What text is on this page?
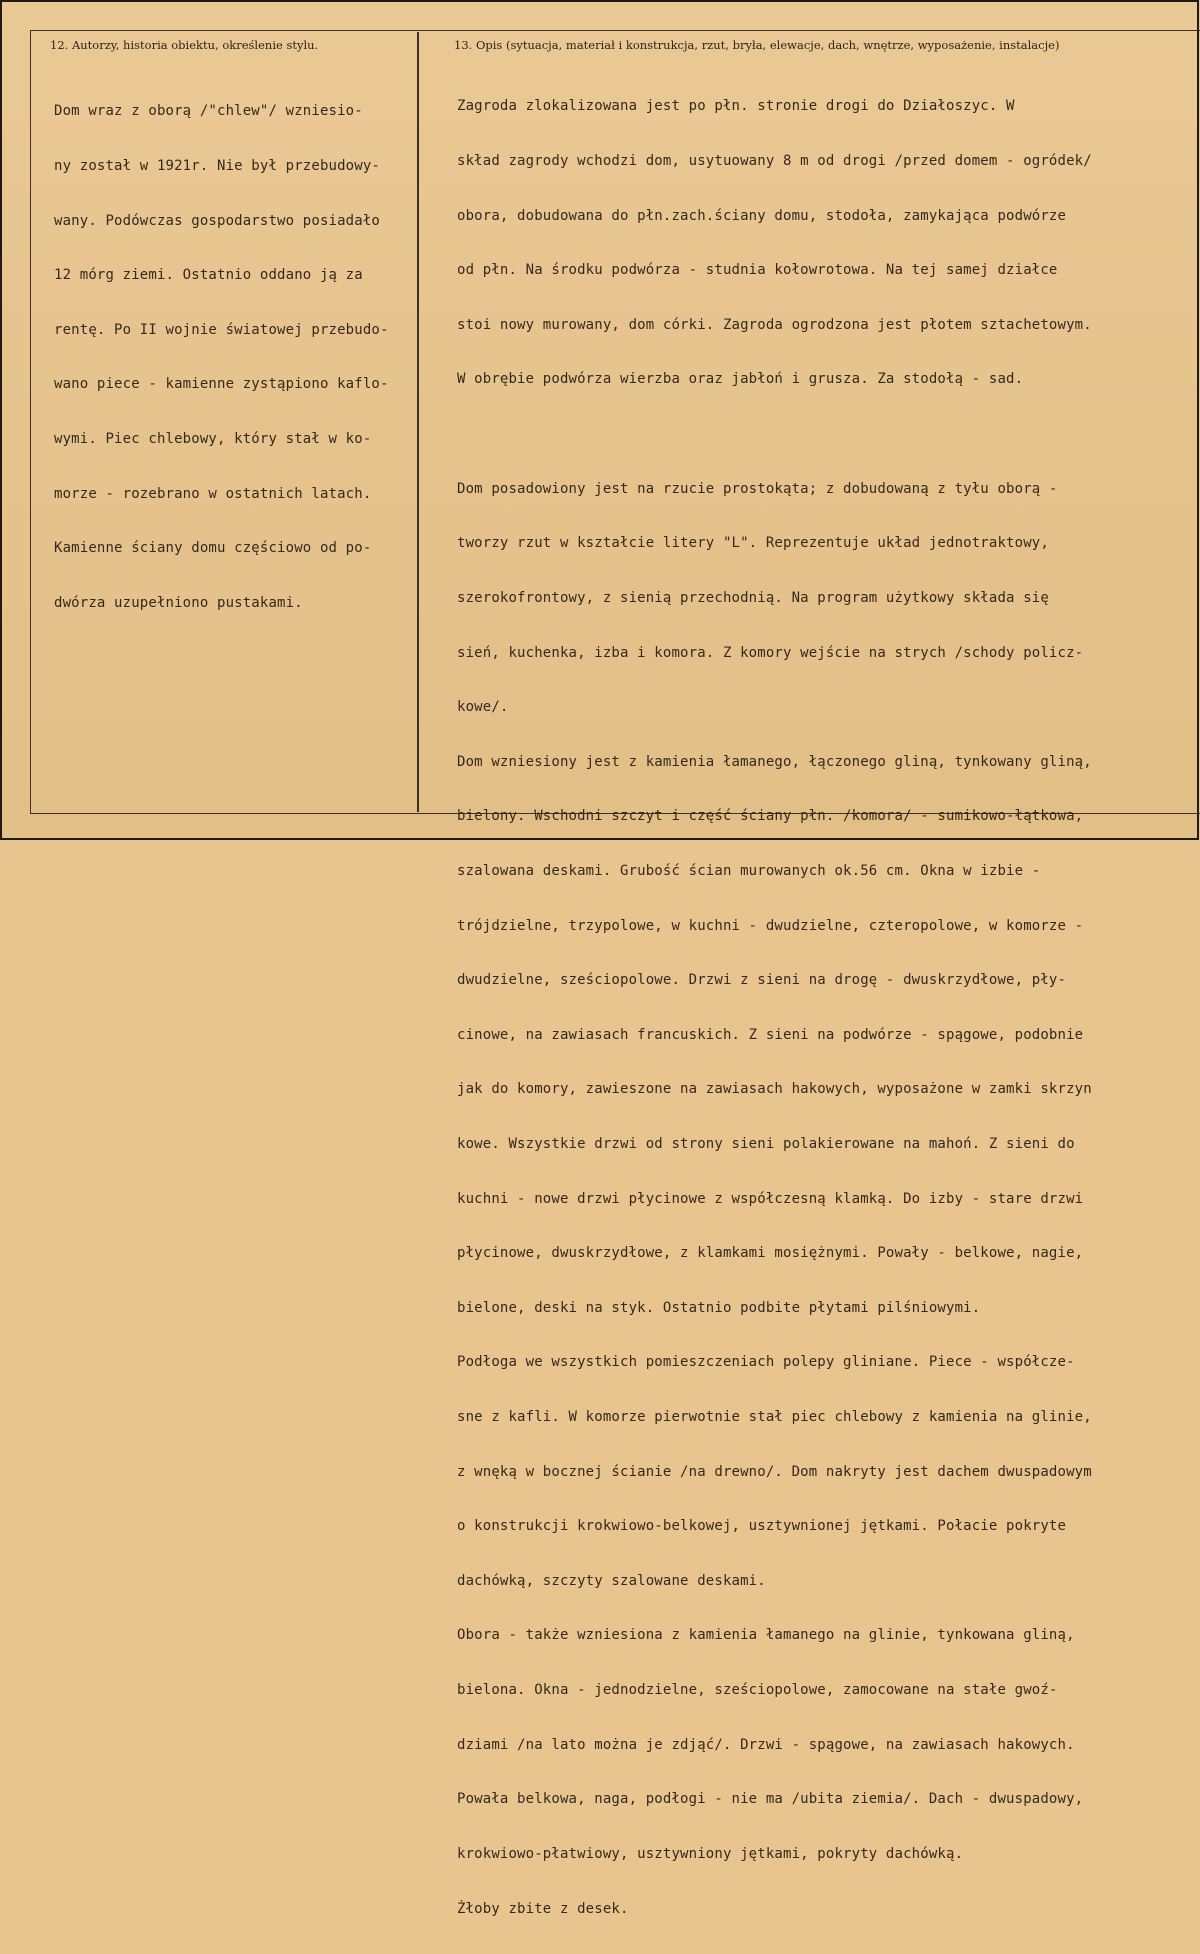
12. Autorzy, historia obiektu, określenie stylu.	13. Opis (sytuacja, materiał i konstrukcja, rzut, bryła, elewacje, dach, wnętrze, wyposażenie, instalacje)

Dom wraz z oborą /"chlew"/ wzniesio-

ny został w 1921r. Nie był przebudowy-

wany. Podówczas gospodarstwo posiadało

12 mórg ziemi. Ostatnio oddano ją za

rentę. Po II wojnie światowej przebudo-

wano piece - kamienne zystąpiono kaflo-

wymi. Piec chlebowy, który stał w ko-

morze - rozebrano w ostatnich latach.

Kamienne ściany domu częściowo od po-

dwórza uzupełniono pustakami.

Zagroda zlokalizowana jest po płn. stronie drogi do Działoszyc. W

skład zagrody wchodzi dom, usytuowany 8 m od drogi /przed domem - ogródek/

obora, dobudowana do płn.zach.ściany domu, stodoła, zamykająca podwórze

od płn. Na środku podwórza - studnia kołowrotowa. Na tej samej działce

stoi nowy murowany, dom córki. Zagroda ogrodzona jest płotem sztachetowym.

W obrębie podwórza wierzba oraz jabłoń i grusza. Za stodołą - sad.

Dom posadowiony jest na rzucie prostokąta; z dobudowaną z tyłu oborą -

tworzy rzut w kształcie litery "L". Reprezentuje układ jednotraktowy,

szerokofrontowy, z sienią przechodnią. Na program użytkowy składa się

sień, kuchenka, izba i komora. Z komory wejście na strych /schody policz-

kowe/.

Dom wzniesiony jest z kamienia łamanego, łączonego gliną, tynkowany gliną,

bielony. Wschodni szczyt i część ściany płn. /komora/ - sumikowo-łątkowa,

szalowana deskami. Grubość ścian murowanych ok.56 cm. Okna w izbie -

trójdzielne, trzypolowe, w kuchni - dwudzielne, czteropolowe, w komorze -

dwudzielne, sześciopolowe. Drzwi z sieni na drogę - dwuskrzydłowe, pły-

cinowe, na zawiasach francuskich. Z sieni na podwórze - spągowe, podobnie

jak do komory, zawieszone na zawiasach hakowych, wyposażone w zamki skrzyn

kowe. Wszystkie drzwi od strony sieni polakierowane na mahoń. Z sieni do

kuchni - nowe drzwi płycinowe z współczesną klamką. Do izby - stare drzwi

płycinowe, dwuskrzydłowe, z klamkami mosiężnymi. Powały - belkowe, nagie,

bielone, deski na styk. Ostatnio podbite płytami pilśniowymi.

Podłoga we wszystkich pomieszczeniach polepy gliniane. Piece - współcze-

sne z kafli. W komorze pierwotnie stał piec chlebowy z kamienia na glinie,

z wnęką w bocznej ścianie /na drewno/. Dom nakryty jest dachem dwuspadowym

o konstrukcji krokwiowo-belkowej, usztywnionej jętkami. Połacie pokryte

dachówką, szczyty szalowane deskami.

Obora - także wzniesiona z kamienia łamanego na glinie, tynkowana gliną,

bielona. Okna - jednodzielne, sześciopolowe, zamocowane na stałe gwoź-

dziami /na lato można je zdjąć/. Drzwi - spągowe, na zawiasach hakowych.

Powała belkowa, naga, podłogi - nie ma /ubita ziemia/. Dach - dwuspadowy,

krokwiowo-płatwiowy, usztywniony jętkami, pokryty dachówką.

Żłoby zbite z desek.
